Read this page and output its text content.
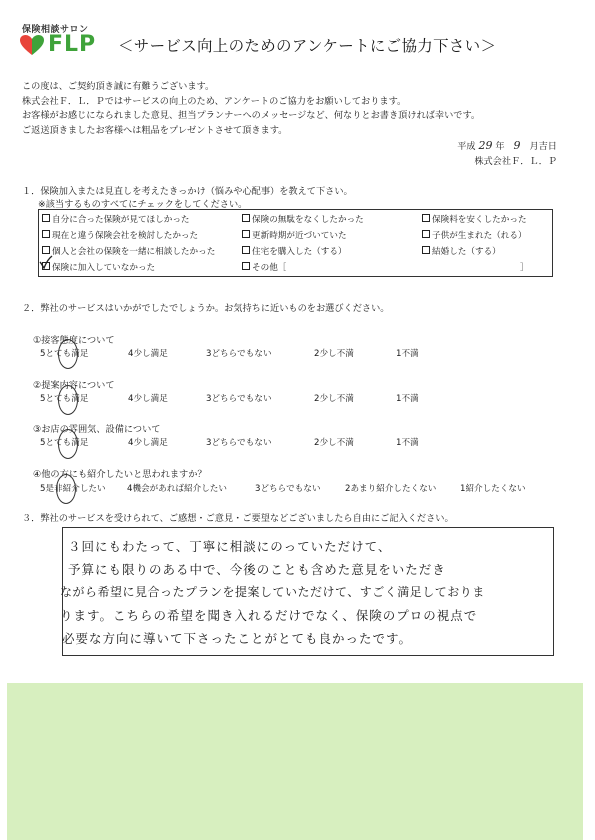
保険相談サロン
FLP ＜サービス向上のためのアンケートにご協力下さい＞
この度は、ご契約頂き誠に有難うございます。
株式会社Ｆ．Ｌ．Ｐではサービスの向上のため、アンケートのご協力をお願いしております。
お客様がお感じになられました意見、担当プランナーへのメッセージなど、何なりとお書き頂ければ幸いです。
ご返送頂きましたお客様へは粗品をプレゼントさせて頂きます。
平成 29 年 9 月吉日
株式会社Ｆ．Ｌ．Ｐ
１．保険加入または見直しを考えたきっかけ（悩みや心配事）を教えて下さい。
※該当するものすべてにチェックをしてください。
自分に合った保険が見てほしかった	保険の無駄をなくしたかった	保険料を安くしたかった
現在と違う保険会社を検討したかった	更新時期が近づいていた	子供が生まれた（れる）
個人と会社の保険を一緒に相談したかった	住宅を購入した（する）	結婚した（する）
保険に加入していなかった	その他［	］
２．弊社のサービスはいかがでしたでしょうか。お気持ちに近いものをお選びください。
①接客態度について
5とても満足	4少し満足	3どちらでもない	2少し不満	1不満
②提案内容について
5とても満足	4少し満足	3どちらでもない	2少し不満	1不満
③お店の雰囲気、設備について
5とても満足	4少し満足	3どちらでもない	2少し不満	1不満
④他の方にも紹介したいと思われますか？
5是非紹介したい 4機会があれば紹介したい	3どちらでもない	2あまり紹介したくない	1紹介したくない
３．弊社のサービスを受けられて、ご感想・ご意見・ご要望などございましたら自由にご記入ください。
３回にもわたって、丁寧に相談にのっていただけて、
予算にも限りのある中で、今後のことも含めた意見をいただき
ながら希望に見合ったプランを提案していただけて、すごく満足しておりま
ります。こちらの希望を聞き入れるだけでなく、保険のプロの視点で
必要な方向に導いて下さったことがとても良かったです。
